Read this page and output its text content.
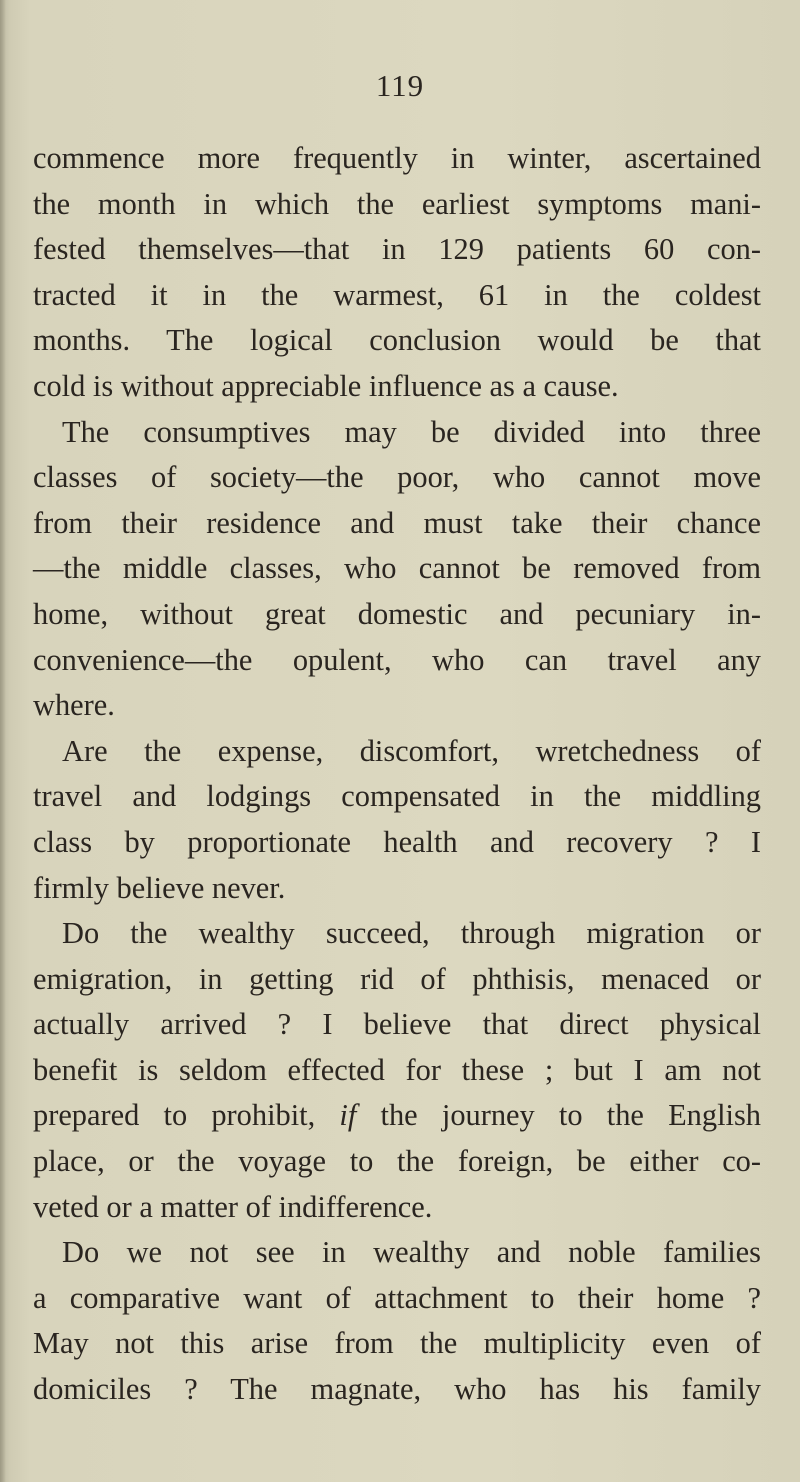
119
commence more frequently in winter, ascertained
the month in which the earliest symptoms mani-
fested themselves—that in 129 patients 60 con-
tracted it in the warmest, 61 in the coldest
months. The logical conclusion would be that
cold is without appreciable influence as a cause.
The consumptives may be divided into three
classes of society—the poor, who cannot move
from their residence and must take their chance
—the middle classes, who cannot be removed from
home, without great domestic and pecuniary in-
convenience—the opulent, who can travel any
where.
Are the expense, discomfort, wretchedness of
travel and lodgings compensated in the middling
class by proportionate health and recovery ? I
firmly believe never.
Do the wealthy succeed, through migration or
emigration, in getting rid of phthisis, menaced or
actually arrived ? I believe that direct physical
benefit is seldom effected for these ; but I am not
prepared to prohibit, if the journey to the English
place, or the voyage to the foreign, be either co-
veted or a matter of indifference.
Do we not see in wealthy and noble families
a comparative want of attachment to their home ?
May not this arise from the multiplicity even of
domiciles ? The magnate, who has his family
